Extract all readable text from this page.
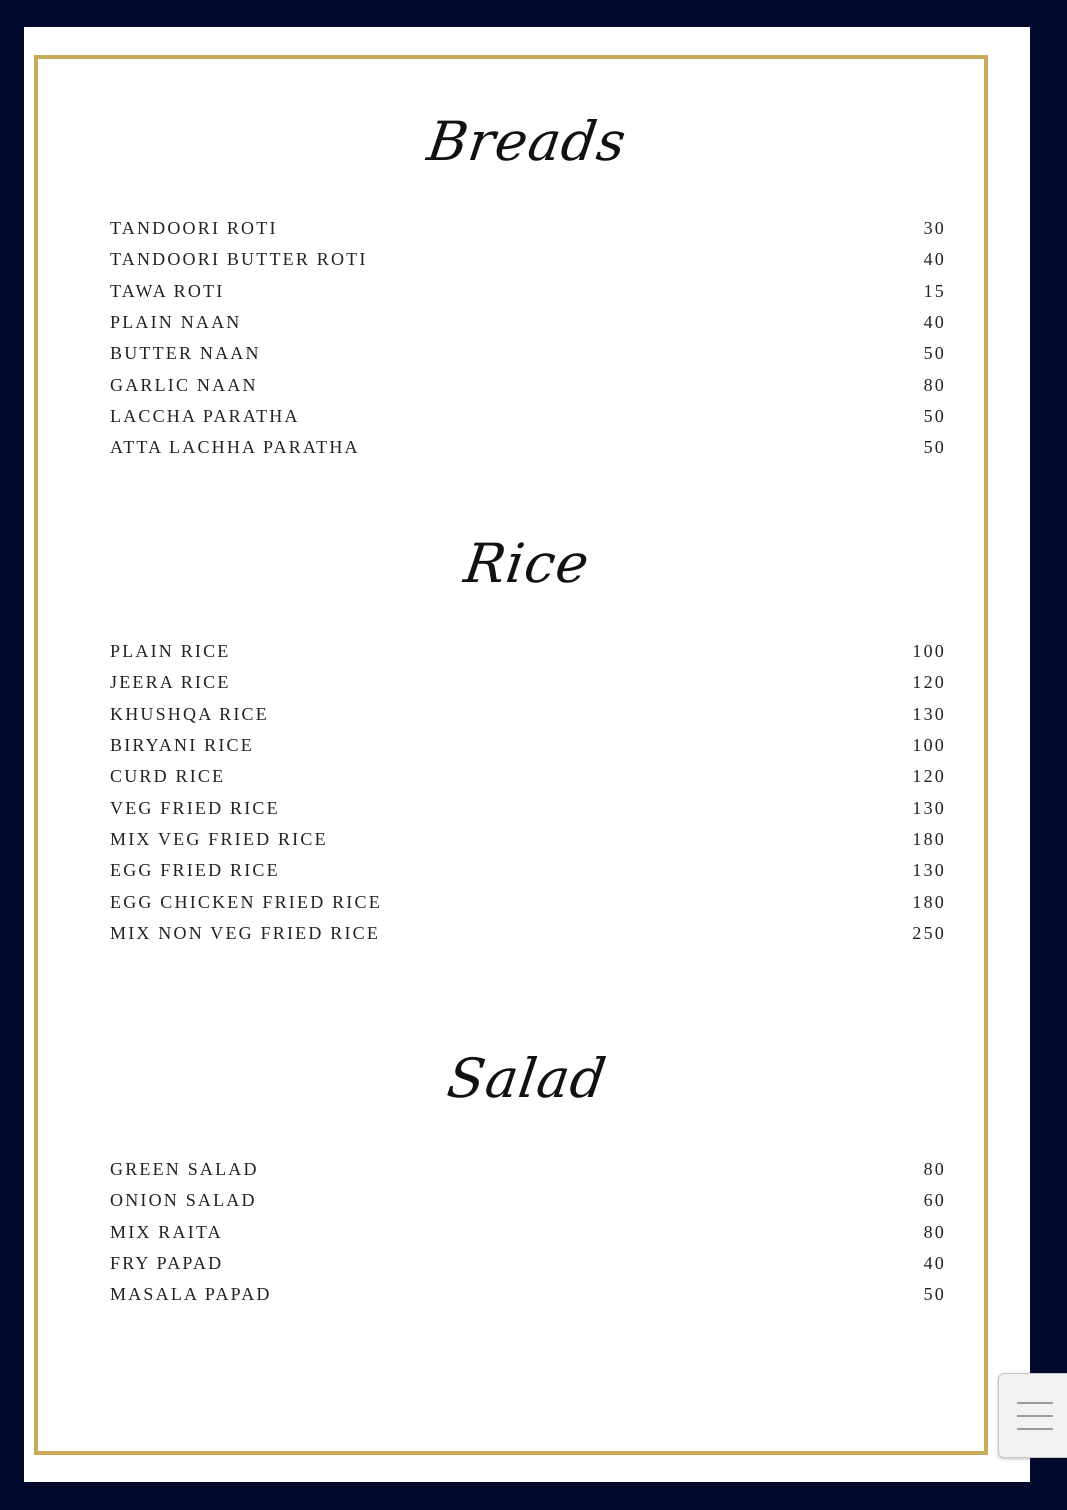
Breads
TANDOORI ROTI	30
TANDOORI BUTTER ROTI	40
TAWA ROTI	15
PLAIN NAAN	40
BUTTER NAAN	50
GARLIC NAAN	80
LACCHA PARATHA	50
ATTA LACHHA PARATHA	50
Rice
PLAIN RICE	100
JEERA RICE	120
KHUSHQA RICE	130
BIRYANI RICE	100
CURD RICE	120
VEG FRIED RICE	130
MIX VEG FRIED RICE	180
EGG FRIED RICE	130
EGG CHICKEN FRIED RICE	180
MIX NON VEG FRIED RICE	250
Salad
GREEN SALAD	80
ONION SALAD	60
MIX RAITA	80
FRY PAPAD	40
MASALA PAPAD	50
